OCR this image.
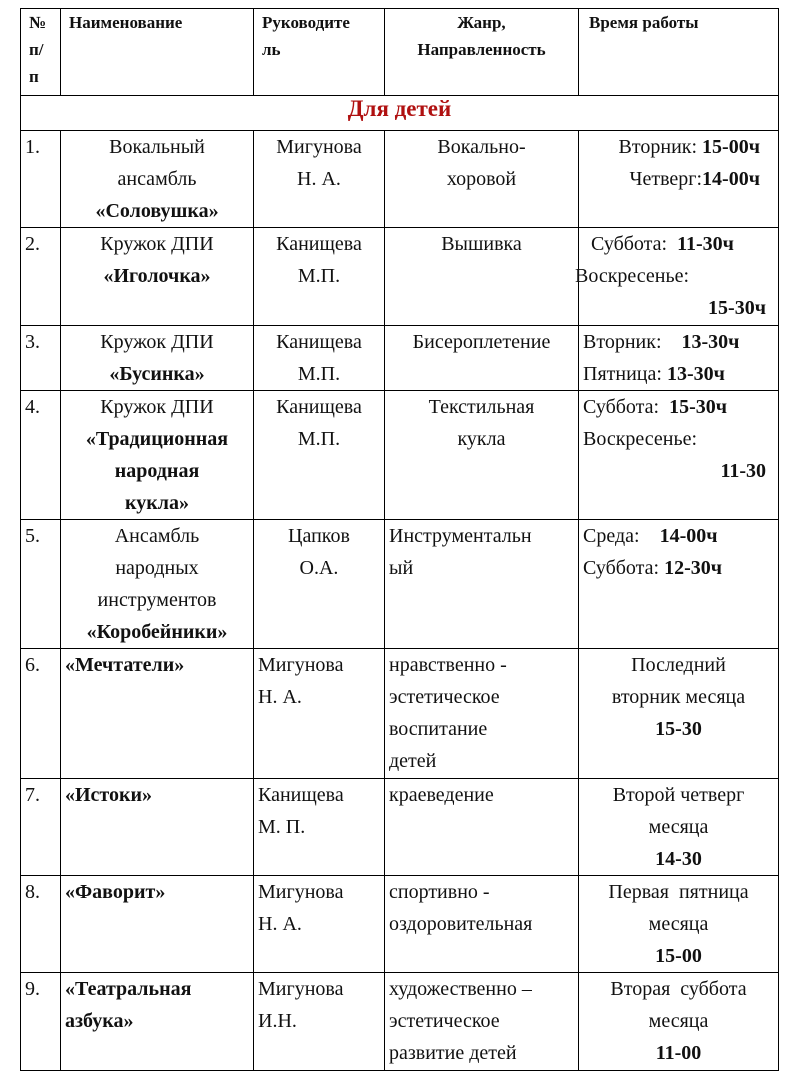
№
п/
п	Наименование	Руководите
ль	Жанр,
Направленность	Время работы
Для детей				
1.	Вокальный
ансамбль
«Соловушка»	Мигунова
Н. А.	Вокально-
хоровой	Вторник: 15-00ч
Четверг:14-00ч

2.	Кружок ДПИ
«Иголочка»	Канищева
М.П.	Вышивка	Суббота:  11-30ч
Воскресенье:
15-30ч

3.	Кружок ДПИ
«Бусинка»	Канищева
М.П.	Бисероплетение	Вторник:    13-30ч
Пятница: 13-30ч

4.	Кружок ДПИ
«Традиционная
народная
кукла»	Канищева
М.П.	Текстильная
кукла	Суббота:  15-30ч
Воскресенье:
11-30

5.	Ансамбль
народных
инструментов
«Коробейники»	Цапков
О.А.	Инструментальн
ый	Среда:    14-00ч
Суббота: 12-30ч

6.	«Мечтатели»	Мигунова
Н. А.	нравственно -
эстетическое
воспитание
детей	Последний
вторник месяца
15-30

7.	«Истоки»	Канищева
М. П.	краеведение	Второй четверг
месяца
14-30

8.	«Фаворит»	Мигунова
Н. А.	спортивно -
оздоровительная	Первая  пятница
месяца
15-00

9.	«Театральная
азбука»	Мигунова
И.Н.	художественно –
эстетическое
развитие детей	Вторая  суббота
месяца
11-00
